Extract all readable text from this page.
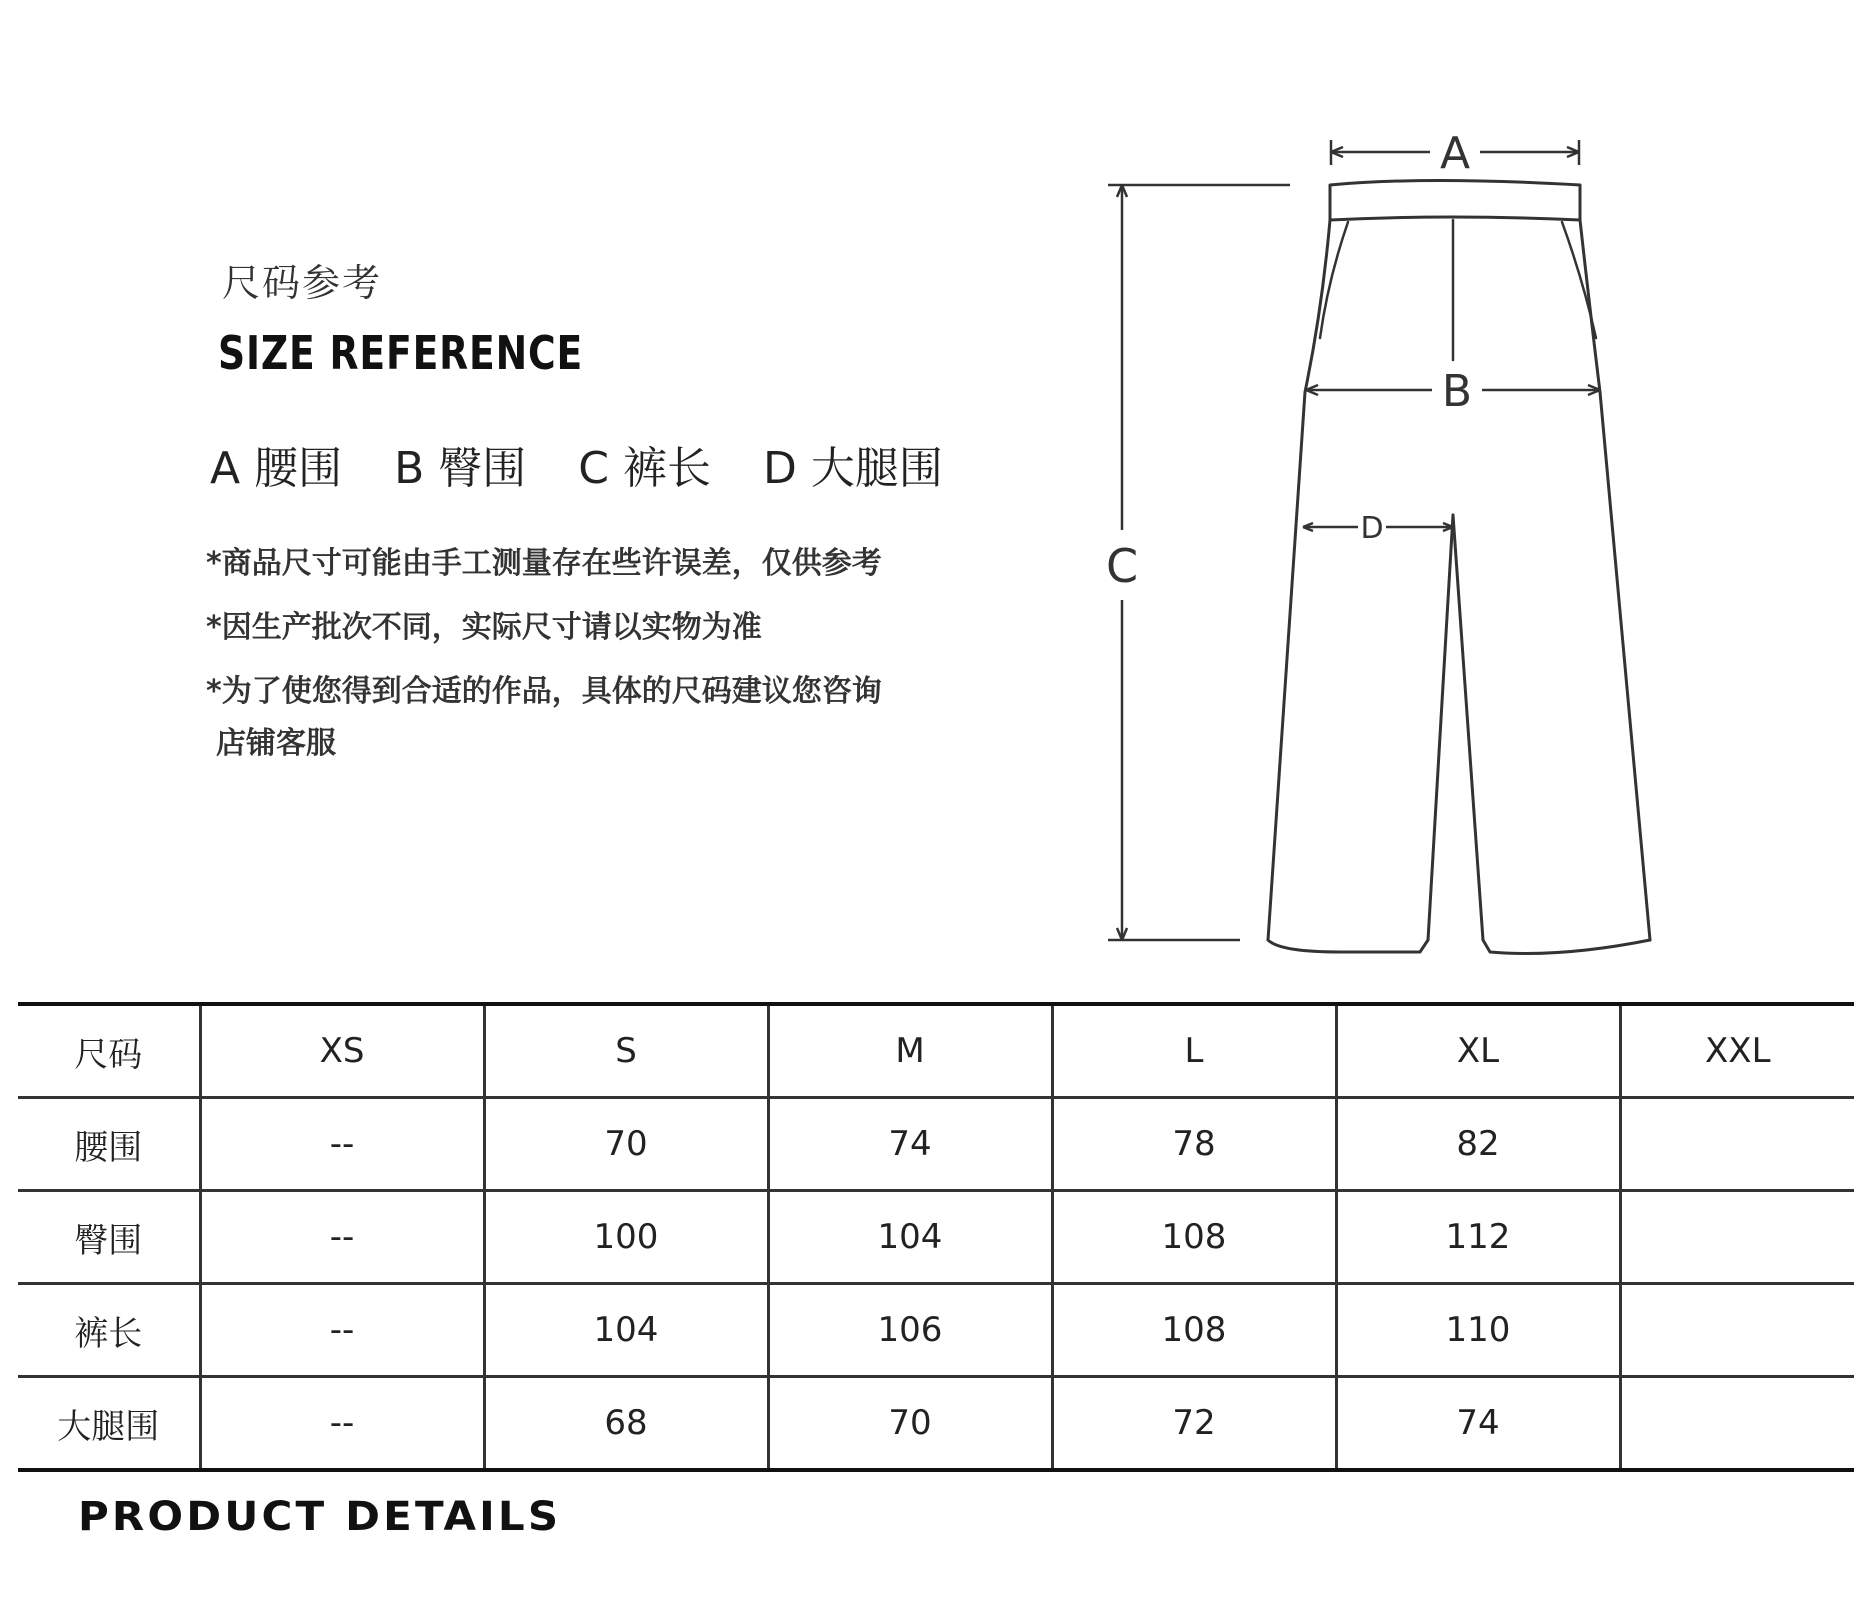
尺码参考
SIZE REFERENCE
A 腰围 B 臀围 C 裤长 D 大腿围
*商品尺寸可能由手工测量存在些许误差，仅供参考
*因生产批次不同，实际尺寸请以实物为准
*为了使您得到合适的作品，具体的尺码建议您咨询
店铺客服
A
B
D
C
尺码	XS	S	M	L	XL	XXL
腰围	--	70	74	78	82	
臀围	--	100	104	108	112	
裤长	--	104	106	108	110	
大腿围	--	68	70	72	74	
PRODUCT DETAILS
